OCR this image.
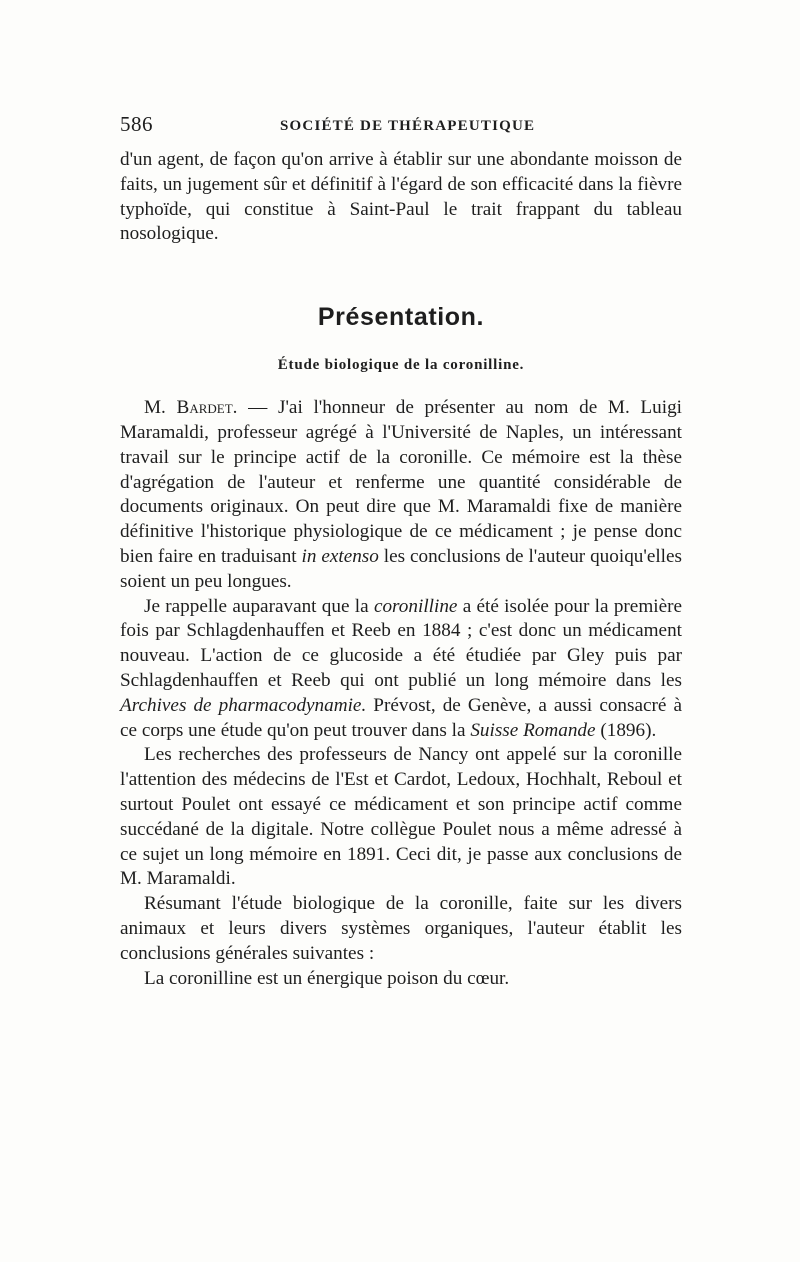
586	SOCIÉTÉ DE THÉRAPEUTIQUE

d'un agent, de façon qu'on arrive à établir sur une abondante moisson de faits, un jugement sûr et définitif à l'égard de son efficacité dans la fièvre typhoïde, qui constitue à Saint-Paul le trait frappant du tableau nosologique.

Présentation.
Étude biologique de la coronilline.

M. Bardet. — J'ai l'honneur de présenter au nom de M. Luigi Maramaldi, professeur agrégé à l'Université de Naples, un intéressant travail sur le principe actif de la coronille. Ce mémoire est la thèse d'agrégation de l'auteur et renferme une quantité considérable de documents originaux. On peut dire que M. Maramaldi fixe de manière définitive l'historique physiologique de ce médicament ; je pense donc bien faire en traduisant in extenso les conclusions de l'auteur quoiqu'elles soient un peu longues.

Je rappelle auparavant que la coronilline a été isolée pour la première fois par Schlagdenhauffen et Reeb en 1884 ; c'est donc un médicament nouveau. L'action de ce glucoside a été étudiée par Gley puis par Schlagdenhauffen et Reeb qui ont publié un long mémoire dans les Archives de pharmacodynamie. Prévost, de Genève, a aussi consacré à ce corps une étude qu'on peut trouver dans la Suisse Romande (1896).

Les recherches des professeurs de Nancy ont appelé sur la coronille l'attention des médecins de l'Est et Cardot, Ledoux, Hochhalt, Reboul et surtout Poulet ont essayé ce médicament et son principe actif comme succédané de la digitale. Notre collègue Poulet nous a même adressé à ce sujet un long mémoire en 1891. Ceci dit, je passe aux conclusions de M. Maramaldi.

Résumant l'étude biologique de la coronille, faite sur les divers animaux et leurs divers systèmes organiques, l'auteur établit les conclusions générales suivantes :

La coronilline est un énergique poison du cœur.
